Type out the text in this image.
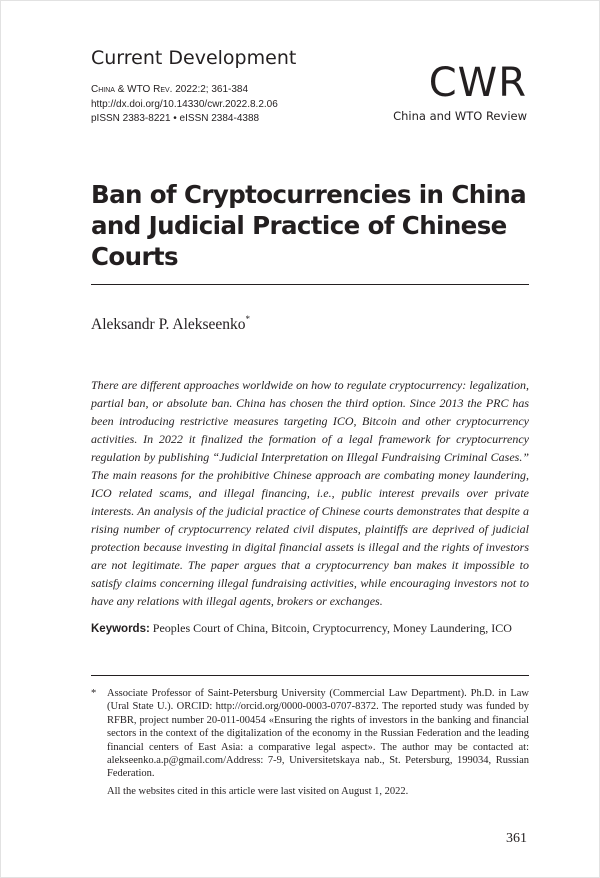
Current Development
China & WTO Rev. 2022:2; 361-384
http://dx.doi.org/10.14330/cwr.2022.8.2.06
pISSN 2383-8221 • eISSN 2384-4388
CWR
China and WTO Review
Ban of Cryptocurrencies in China and Judicial Practice of Chinese Courts
Aleksandr P. Alekseenko*

There are different approaches worldwide on how to regulate cryptocurrency: legalization, partial ban, or absolute ban. China has chosen the third option. Since 2013 the PRC has been introducing restrictive measures targeting ICO, Bitcoin and other cryptocurrency activities. In 2022 it finalized the formation of a legal framework for cryptocurrency regulation by publishing “Judicial Interpretation on Illegal Fundraising Criminal Cases.” The main reasons for the prohibitive Chinese approach are combating money laundering, ICO related scams, and illegal financing, i.e., public interest prevails over private interests. An analysis of the judicial practice of Chinese courts demonstrates that despite a rising number of cryptocurrency related civil disputes, plaintiffs are deprived of judicial protection because investing in digital financial assets is illegal and the rights of investors are not legitimate. The paper argues that a cryptocurrency ban makes it impossible to satisfy claims concerning illegal fundraising activities, while encouraging investors not to have any relations with illegal agents, brokers or exchanges.

Keywords: Peoples Court of China, Bitcoin, Cryptocurrency, Money Laundering, ICO
* Associate Professor of Saint-Petersburg University (Commercial Law Department). Ph.D. in Law (Ural State U.). ORCID: http://orcid.org/0000-0003-0707-8372. The reported study was funded by RFBR, project number 20-011-00454 «Ensuring the rights of investors in the banking and financial sectors in the context of the digitalization of the economy in the Russian Federation and the leading financial centers of East Asia: a comparative legal aspect». The author may be contacted at: alekseenko.a.p@gmail.com/Address: 7-9, Universitetskaya nab., St. Petersburg, 199034, Russian Federation.

All the websites cited in this article were last visited on August 1, 2022.

361
